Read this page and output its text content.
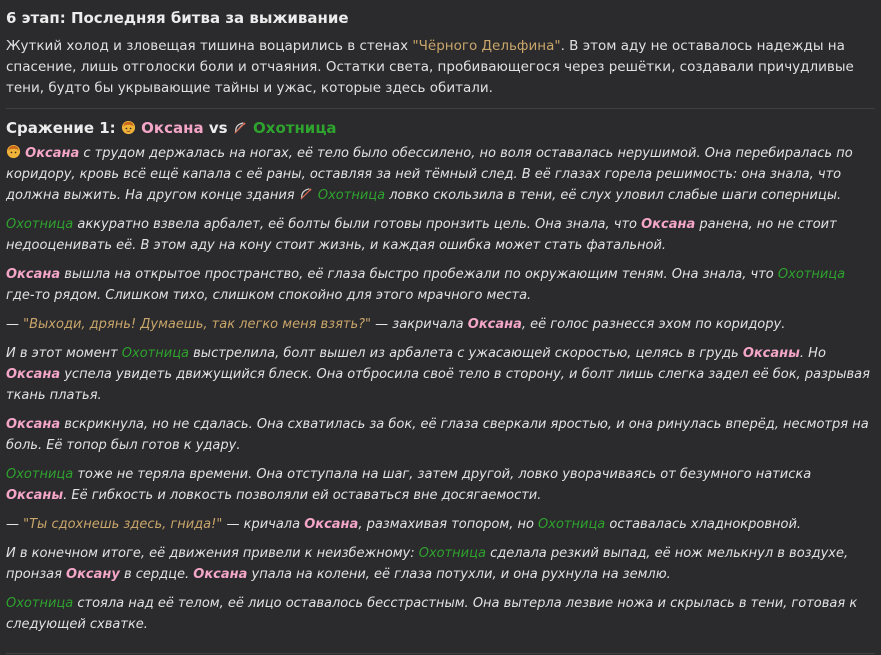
6 этап: Последняя битва за выживание

Жуткий холод и зловещая тишина воцарились в стенах "Чёрного Дельфина". В этом аду не оставалось надежды на спасение, лишь отголоски боли и отчаяния. Остатки света, пробивающегося через решётки, создавали причудливые тени, будто бы укрывающие тайны и ужас, которые здесь обитали.

Сражение 1: Оксана vs Охотница

Оксана с трудом держалась на ногах, её тело было обессилено, но воля оставалась нерушимой. Она перебиралась по коридору, кровь всё ещё капала с её раны, оставляя за ней тёмный след. В её глазах горела решимость: она знала, что должна выжить. На другом конце здания  Охотница ловко скользила в тени, её слух уловил слабые шаги соперницы.

Охотница аккуратно взвела арбалет, её болты были готовы пронзить цель. Она знала, что Оксана ранена, но не стоит недооценивать её. В этом аду на кону стоит жизнь, и каждая ошибка может стать фатальной.

Оксана вышла на открытое пространство, её глаза быстро пробежали по окружающим теням. Она знала, что Охотница где-то рядом. Слишком тихо, слишком спокойно для этого мрачного места.

— "Выходи, дрянь! Думаешь, так легко меня взять?" — закричала Оксана, её голос разнесся эхом по коридору.

И в этот момент Охотница выстрелила, болт вышел из арбалета с ужасающей скоростью, целясь в грудь Оксаны. Но Оксана успела увидеть движущийся блеск. Она отбросила своё тело в сторону, и болт лишь слегка задел её бок, разрывая ткань платья.

Оксана вскрикнула, но не сдалась. Она схватилась за бок, её глаза сверкали яростью, и она ринулась вперёд, несмотря на боль. Её топор был готов к удару.

Охотница тоже не теряла времени. Она отступала на шаг, затем другой, ловко уворачиваясь от безумного натиска Оксаны. Её гибкость и ловкость позволяли ей оставаться вне досягаемости.

— "Ты сдохнешь здесь, гнида!" — кричала Оксана, размахивая топором, но Охотница оставалась хладнокровной.

И в конечном итоге, её движения привели к неизбежному: Охотница сделала резкий выпад, её нож мелькнул в воздухе, пронзая Оксану в сердце. Оксана упала на колени, её глаза потухли, и она рухнула на землю.

Охотница стояла над её телом, её лицо оставалось бесстрастным. Она вытерла лезвие ножа и скрылась в тени, готовая к следующей схватке.
